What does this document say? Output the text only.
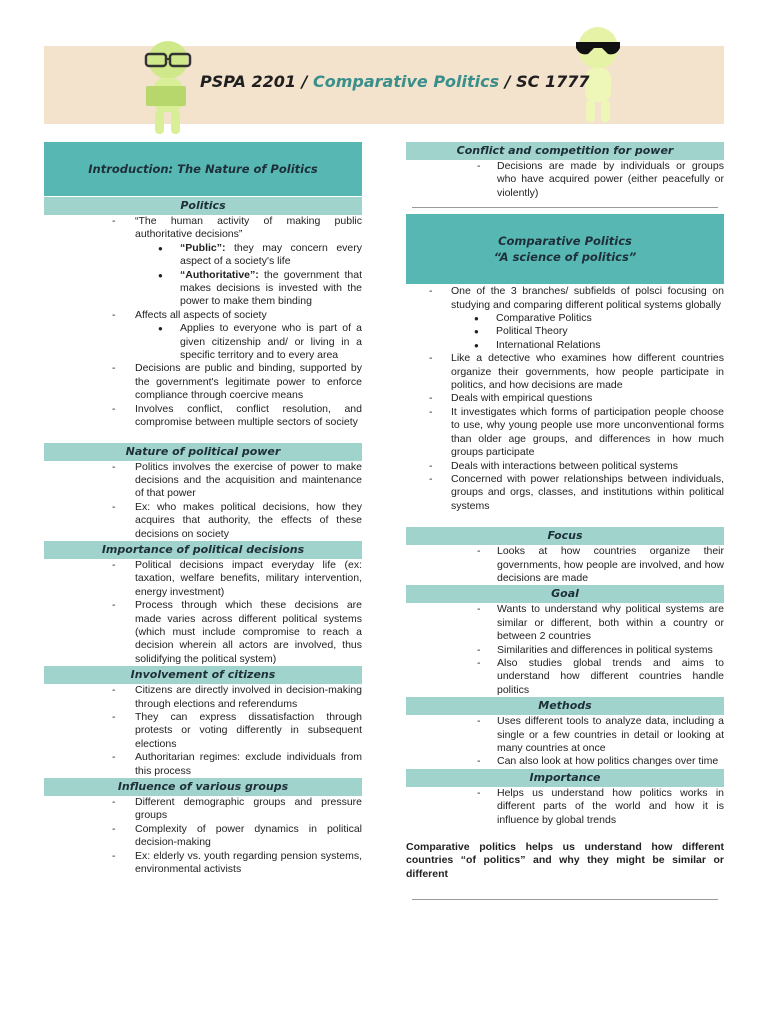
PSPA 2201 / Comparative Politics / SC 1777
Introduction: The Nature of Politics
Politics
- “The human activity of making public authoritative decisions”
● “Public”: they may concern every aspect of a society's life
● “Authoritative”: the government that makes decisions is invested with the power to make them binding
- Affects all aspects of society
● Applies to everyone who is part of a given citizenship and/ or living in a specific territory and to every area
- Decisions are public and binding, supported by the government's legitimate power to enforce compliance through coercive means
- Involves conflict, conflict resolution, and compromise between multiple sectors of society
Nature of political power
- Politics involves the exercise of power to make decisions and the acquisition and maintenance of that power
- Ex: who makes political decisions, how they acquires that authority, the effects of these decisions on society
Importance of political decisions
- Political decisions impact everyday life (ex: taxation, welfare benefits, military intervention, energy investment)
- Process through which these decisions are made varies across different political systems (which must include compromise to reach a decision wherein all actors are involved, thus solidifying the political system)
Involvement of citizens
- Citizens are directly involved in decision-making through elections and referendums
- They can express dissatisfaction through protests or voting differently in subsequent elections
- Authoritarian regimes: exclude individuals from this process
Influence of various groups
- Different demographic groups and pressure groups
- Complexity of power dynamics in political decision-making
- Ex: elderly vs. youth regarding pension systems, environmental activists
Conflict and competition for power
- Decisions are made by individuals or groups who have acquired power (either peacefully or violently)
Comparative Politics
“A science of politics”
- One of the 3 branches/ subfields of polsci focusing on studying and comparing different political systems globally
● Comparative Politics
● Political Theory
● International Relations
- Like a detective who examines how different countries organize their governments, how people participate in politics, and how decisions are made
- Deals with empirical questions
- It investigates which forms of participation people choose to use, why young people use more unconventional forms than older age groups, and differences in how much groups participate
- Deals with interactions between political systems
- Concerned with power relationships between individuals, groups and orgs, classes, and institutions within political systems
Focus
- Looks at how countries organize their governments, how people are involved, and how decisions are made
Goal
- Wants to understand why political systems are similar or different, both within a country or between 2 countries
- Similarities and differences in political systems
- Also studies global trends and aims to understand how different countries handle politics
Methods
- Uses different tools to analyze data, including a single or a few countries in detail or looking at many countries at once
- Can also look at how politics changes over time
Importance
- Helps us understand how politics works in different parts of the world and how it is influence by global trends

Comparative politics helps us understand how different countries “of politics” and why they might be similar or different
